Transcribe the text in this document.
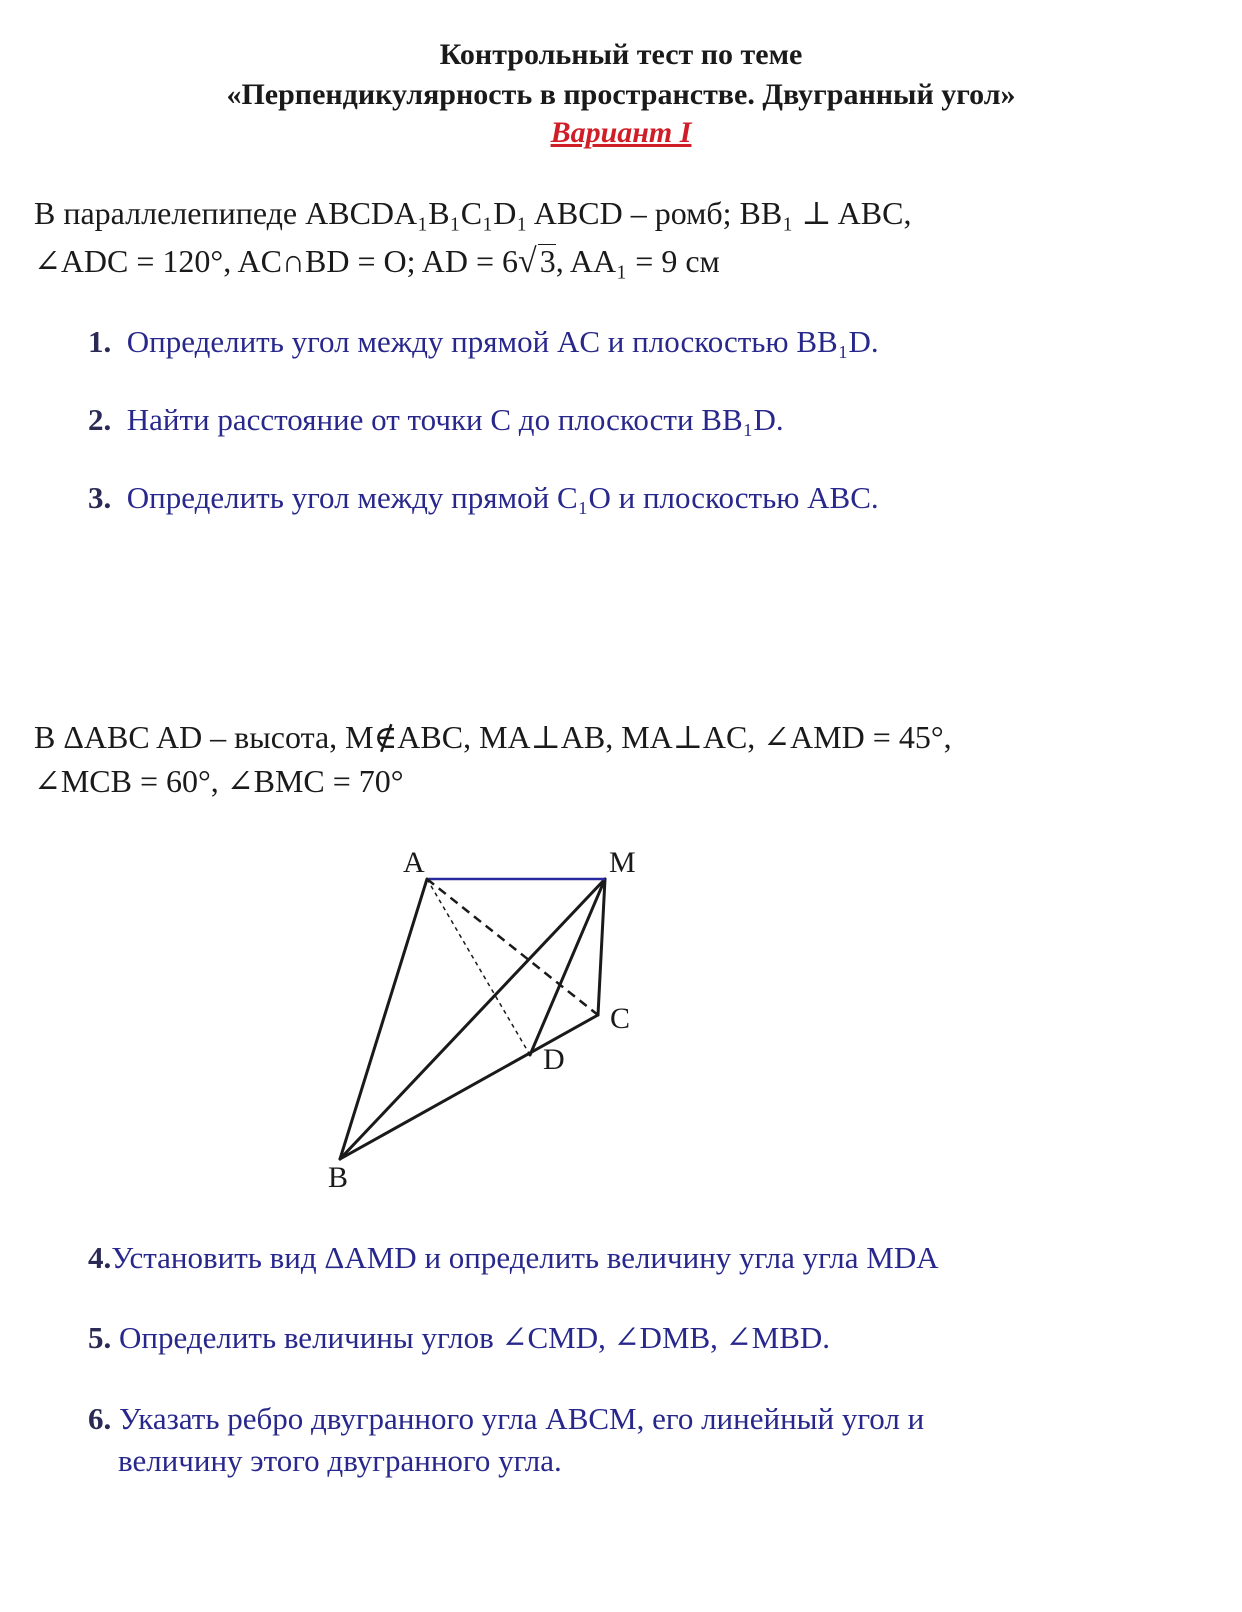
Контрольный тест по теме
«Перпендикулярность в пространстве. Двугранный угол»
Вариант I
В параллелепипеде ABCDA₁B₁C₁D₁ ABCD – ромб; BB₁ ⊥ ABC,
∠ADC = 120°, AC∩BD = O; AD = 6√3, AA₁ = 9 см
1. Определить угол между прямой AC и плоскостью BB₁D.
2. Найти расстояние от точки C до плоскости BB₁D.
3. Определить угол между прямой C₁O и плоскостью ABC.
В ΔABC AD – высота, M∉ABC, MA⊥AB, MA⊥AC, ∠AMD = 45°,
∠MCB = 60°, ∠BMC = 70°
A	M
C
D
B
4.Установить вид ΔAMD и определить величину угла угла MDA
5. Определить величины углов ∠CMD, ∠DMB, ∠MBD.
6. Указать ребро двугранного угла ABCM, его линейный угол и
величину этого двугранного угла.
